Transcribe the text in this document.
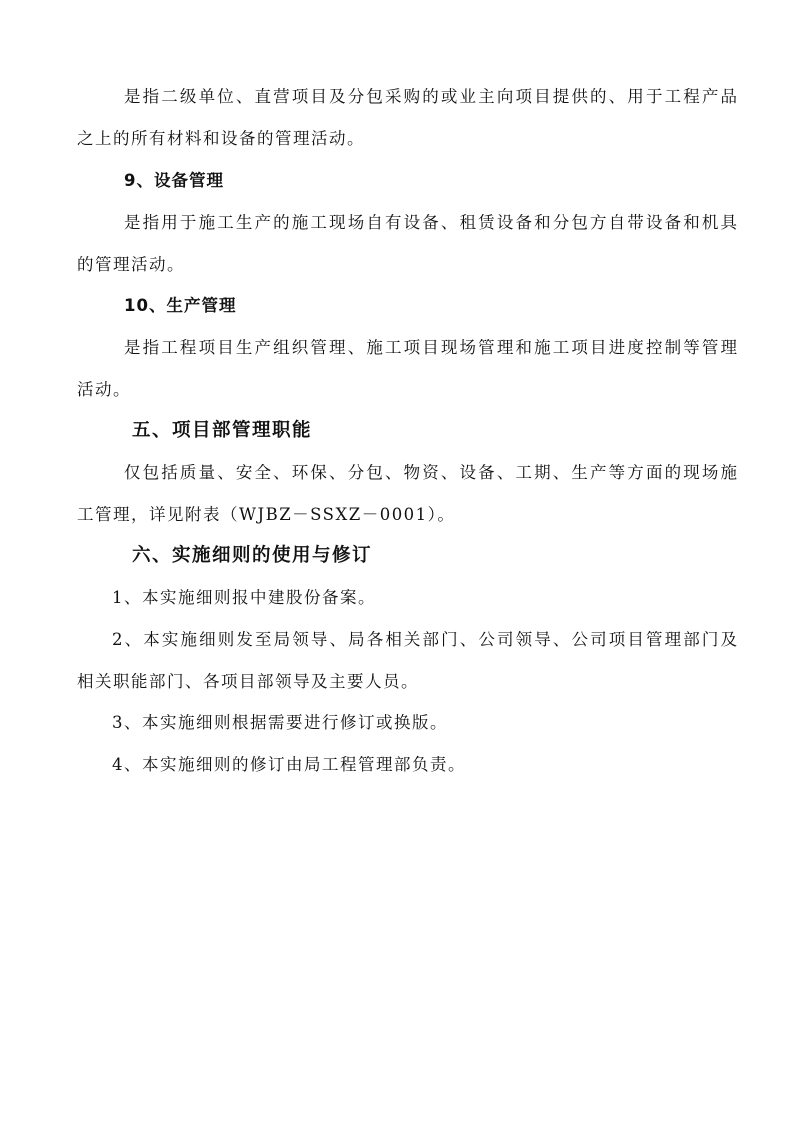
是指二级单位、直营项目及分包采购的或业主向项目提供的、用于工程产品
之上的所有材料和设备的管理活动。
9、设备管理
是指用于施工生产的施工现场自有设备、租赁设备和分包方自带设备和机具
的管理活动。
10、生产管理
是指工程项目生产组织管理、施工项目现场管理和施工项目进度控制等管理
活动。
五、项目部管理职能
仅包括质量、安全、环保、分包、物资、设备、工期、生产等方面的现场施
工管理，详见附表（WJBZ－SSXZ－0001）。
六、实施细则的使用与修订
1、本实施细则报中建股份备案。
2、本实施细则发至局领导、局各相关部门、公司领导、公司项目管理部门及
相关职能部门、各项目部领导及主要人员。
3、本实施细则根据需要进行修订或换版。
4、本实施细则的修订由局工程管理部负责。
